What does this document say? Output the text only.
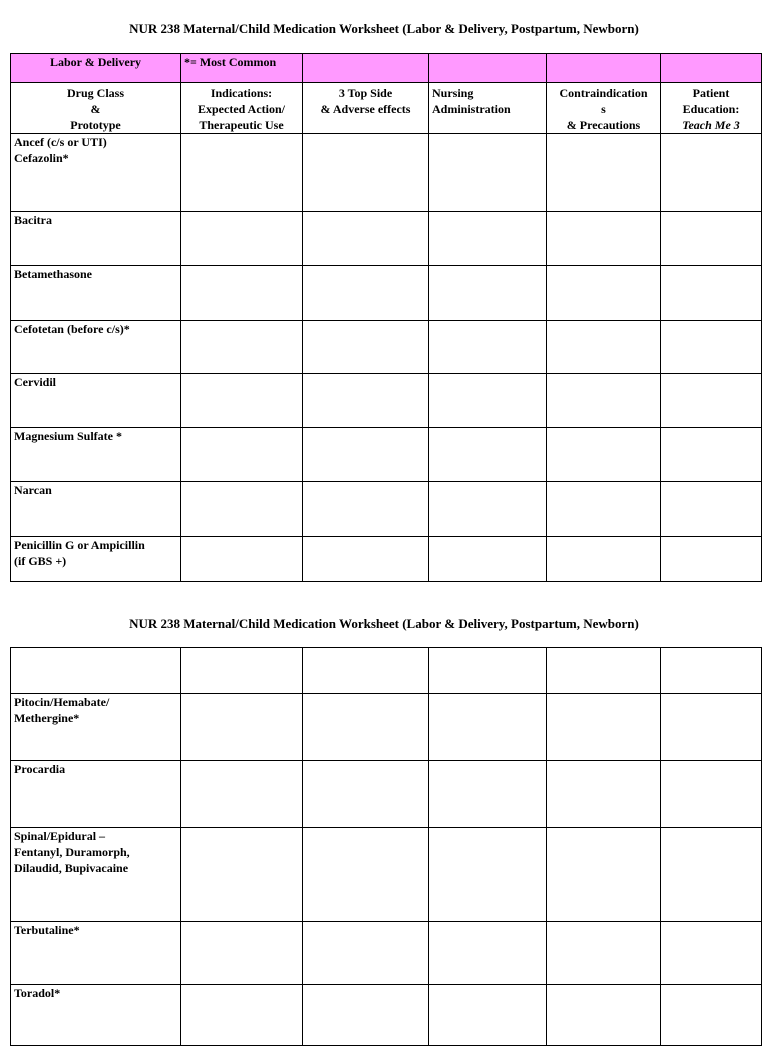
NUR 238 Maternal/Child Medication Worksheet (Labor & Delivery, Postpartum, Newborn)
Labor & Delivery	*= Most Common				

Drug Class
&
Prototype	Indications:
Expected Action/
Therapeutic Use	3 Top Side
& Adverse effects	Nursing
Administration	Contraindication
s
& Precautions	Patient
Education:
Teach Me 3

Ancef (c/s or UTI)
Cefazolin*					

Bacitra					

Betamethasone					

Cefotetan (before c/s)*					

Cervidil					

Magnesium Sulfate *					

Narcan					

Penicillin G or Ampicillin
(if GBS +)					

NUR 238 Maternal/Child Medication Worksheet (Labor & Delivery, Postpartum, Newborn)

Pitocin/Hemabate/
Methergine*					

Procardia					

Spinal/Epidural –
Fentanyl, Duramorph,
Dilaudid, Bupivacaine					

Terbutaline*					

Toradol*					
